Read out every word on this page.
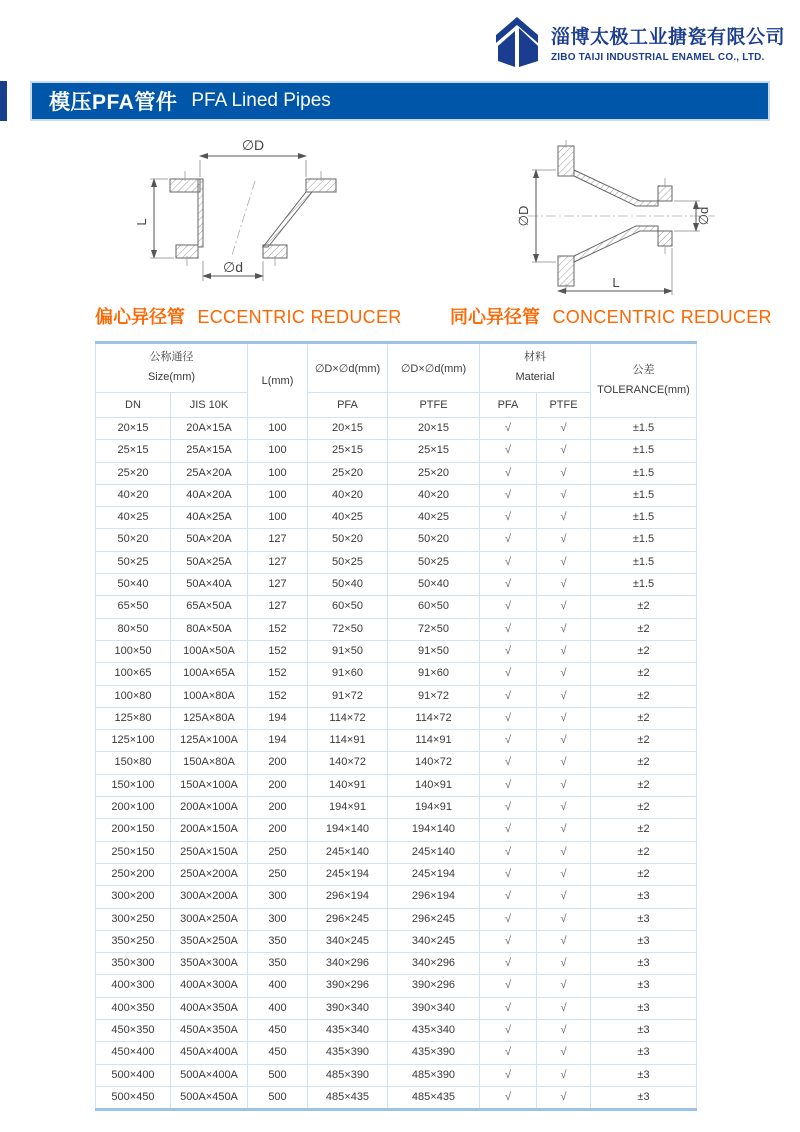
淄博太极工业搪瓷有限公司
ZIBO TAIJI INDUSTRIAL ENAMEL CO., LTD.
模压PFA管件 PFA Lined Pipes
∅D
L
∅d
∅D	∅d
L
偏心异径管 ECCENTRIC REDUCER	同心异径管 CONCENTRIC REDUCER
公称通径
Size(mm)		L(mm)	∅D×∅d(mm)	∅D×∅d(mm)	材料
Material		公差
TOLERANCE(mm)

DN	JIS 10K		PFA	PTFE	PFA	PTFE	
20×15	20A×15A	100	20×15	20×15	√	√	±1.5
25×15	25A×15A	100	25×15	25×15	√	√	±1.5
25×20	25A×20A	100	25×20	25×20	√	√	±1.5
40×20	40A×20A	100	40×20	40×20	√	√	±1.5
40×25	40A×25A	100	40×25	40×25	√	√	±1.5
50×20	50A×20A	127	50×20	50×20	√	√	±1.5
50×25	50A×25A	127	50×25	50×25	√	√	±1.5
50×40	50A×40A	127	50×40	50×40	√	√	±1.5
65×50	65A×50A	127	60×50	60×50	√	√	±2
80×50	80A×50A	152	72×50	72×50	√	√	±2
100×50	100A×50A	152	91×50	91×50	√	√	±2
100×65	100A×65A	152	91×60	91×60	√	√	±2
100×80	100A×80A	152	91×72	91×72	√	√	±2
125×80	125A×80A	194	114×72	114×72	√	√	±2
125×100	125A×100A	194	114×91	114×91	√	√	±2
150×80	150A×80A	200	140×72	140×72	√	√	±2
150×100	150A×100A	200	140×91	140×91	√	√	±2
200×100	200A×100A	200	194×91	194×91	√	√	±2
200×150	200A×150A	200	194×140	194×140	√	√	±2
250×150	250A×150A	250	245×140	245×140	√	√	±2
250×200	250A×200A	250	245×194	245×194	√	√	±2
300×200	300A×200A	300	296×194	296×194	√	√	±3
300×250	300A×250A	300	296×245	296×245	√	√	±3
350×250	350A×250A	350	340×245	340×245	√	√	±3
350×300	350A×300A	350	340×296	340×296	√	√	±3
400×300	400A×300A	400	390×296	390×296	√	√	±3
400×350	400A×350A	400	390×340	390×340	√	√	±3
450×350	450A×350A	450	435×340	435×340	√	√	±3
450×400	450A×400A	450	435×390	435×390	√	√	±3
500×400	500A×400A	500	485×390	485×390	√	√	±3
500×450	500A×450A	500	485×435	485×435	√	√	±3
